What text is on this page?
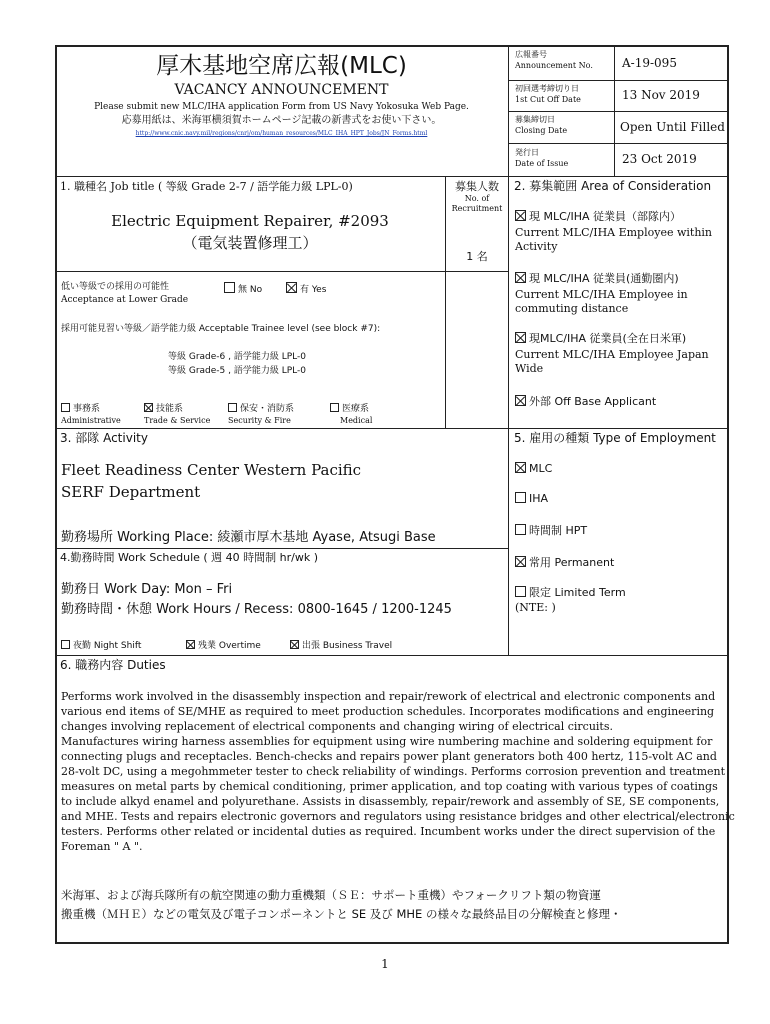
厚木基地空席広報(MLC)
VACANCY ANNOUNCEMENT
Please submit new MLC/IHA application Form from US Navy Yokosuka Web Page.
応募用紙は、米海軍横須賀ホームページ記載の新書式をお使い下さい。
http://www.cnic.navy.mil/regions/cnrj/om/human_resources/MLC_IHA_HPT_Jobs/JN_Forms.html
広報番号
Announcement No. A-19-095
初回選考締切り日
1st Cut Off Date	13 Nov 2019
募集締切日
Closing Date	Open Until Filled
発行日
Date of Issue	23 Oct 2019
1. 職種名 Job title ( 等級 Grade 2-7 / 語学能力級 LPL-0)
Electric Equipment Repairer, #2093
（電気装置修理工）
募集人数
No. of
Recruitment
1 名
低い等級での採用の可能性
Acceptance at Lower Grade
無 No	有 Yes
採用可能見習い等級／語学能力級 Acceptable Trainee level (see block #7):
等級 Grade-6 , 語学能力級 LPL-0
等級 Grade-5 , 語学能力級 LPL-0
事務系
Administrative
技能系
Trade & Service
保安・消防系
Security & Fire
医療系
Medical
2. 募集範囲 Area of Consideration
現 MLC/IHA 従業員（部隊内）
Current MLC/IHA Employee within
Activity
現 MLC/IHA 従業員(通勤圏内)
Current MLC/IHA Employee in
commuting distance
現MLC/IHA 従業員(全在日米軍)
Current MLC/IHA Employee Japan
Wide
外部 Off Base Applicant
3. 部隊 Activity
Fleet Readiness Center Western Pacific
SERF Department
勤務場所 Working Place: 綾瀬市厚木基地 Ayase, Atsugi Base
4.勤務時間 Work Schedule ( 週 40 時間制 hr/wk )
勤務日 Work Day: Mon – Fri
勤務時間・休憩 Work Hours / Recess: 0800-1645 / 1200-1245
夜勤 Night Shift	残業 Overtime	出張 Business Travel
5. 雇用の種類 Type of Employment
MLC
IHA
時間制 HPT
常用 Permanent
限定 Limited Term
(NTE: )
6. 職務内容 Duties
Performs work involved in the disassembly inspection and repair/rework of electrical and electronic components and
various end items of SE/MHE as required to meet production schedules. Incorporates modifications and engineering
changes involving replacement of electrical components and changing wiring of electrical circuits.
Manufactures wiring harness assemblies for equipment using wire numbering machine and soldering equipment for
connecting plugs and receptacles. Bench-checks and repairs power plant generators both 400 hertz, 115-volt AC and
28-volt DC, using a megohmmeter tester to check reliability of windings. Performs corrosion prevention and treatment
measures on metal parts by chemical conditioning, primer application, and top coating with various types of coatings
to include alkyd enamel and polyurethane. Assists in disassembly, repair/rework and assembly of SE, SE components,
and MHE. Tests and repairs electronic governors and regulators using resistance bridges and other electrical/electronic
testers. Performs other related or incidental duties as required. Incumbent works under the direct supervision of the
Foreman " A ".
米海軍、および海兵隊所有の航空関連の動力重機類（ＳＥ：サポート重機）やフォークリフト類の物資運
搬重機（ＭＨＥ）などの電気及び電子コンポーネントと SE 及び MHE の様々な最終品目の分解検査と修理・
1
